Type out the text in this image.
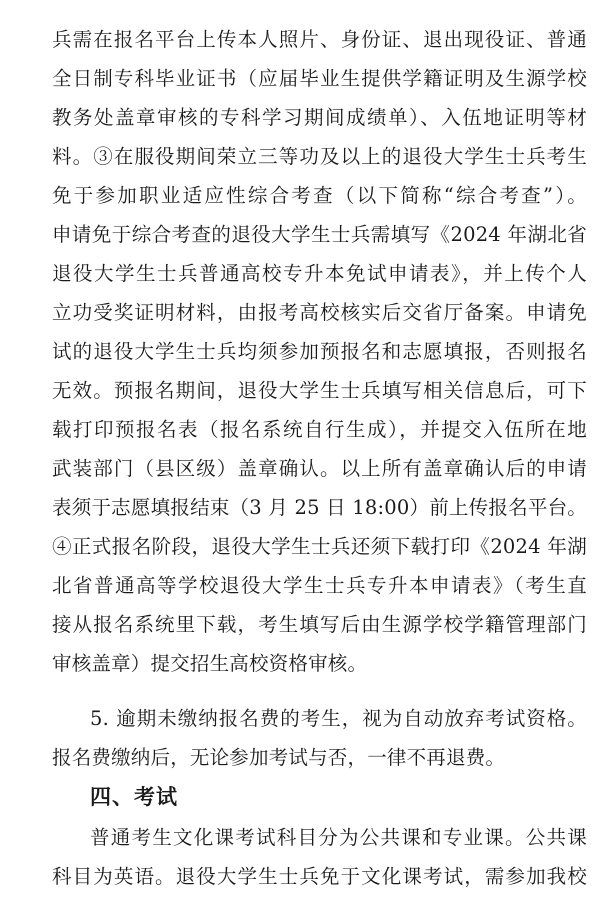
兵需在报名平台上传本人照片、身份证、退出现役证、普通
全日制专科毕业证书（应届毕业生提供学籍证明及生源学校
教务处盖章审核的专科学习期间成绩单）、入伍地证明等材
料。③在服役期间荣立三等功及以上的退役大学生士兵考生
免于参加职业适应性综合考查（以下简称“综合考查”）。
申请免于综合考查的退役大学生士兵需填写《2024 年湖北省
退役大学生士兵普通高校专升本免试申请表》，并上传个人
立功受奖证明材料，由报考高校核实后交省厅备案。申请免
试的退役大学生士兵均须参加预报名和志愿填报，否则报名
无效。预报名期间，退役大学生士兵填写相关信息后，可下
载打印预报名表（报名系统自行生成），并提交入伍所在地
武装部门（县区级）盖章确认。以上所有盖章确认后的申请
表须于志愿填报结束（3 月 25 日 18:00）前上传报名平台。
④正式报名阶段，退役大学生士兵还须下载打印《2024 年湖
北省普通高等学校退役大学生士兵专升本申请表》（考生直
接从报名系统里下载，考生填写后由生源学校学籍管理部门
审核盖章）提交招生高校资格审核。
5. 逾期未缴纳报名费的考生，视为自动放弃考试资格。
报名费缴纳后，无论参加考试与否，一律不再退费。
四、考试
普通考生文化课考试科目分为公共课和专业课。公共课
科目为英语。退役大学生士兵免于文化课考试，需参加我校
